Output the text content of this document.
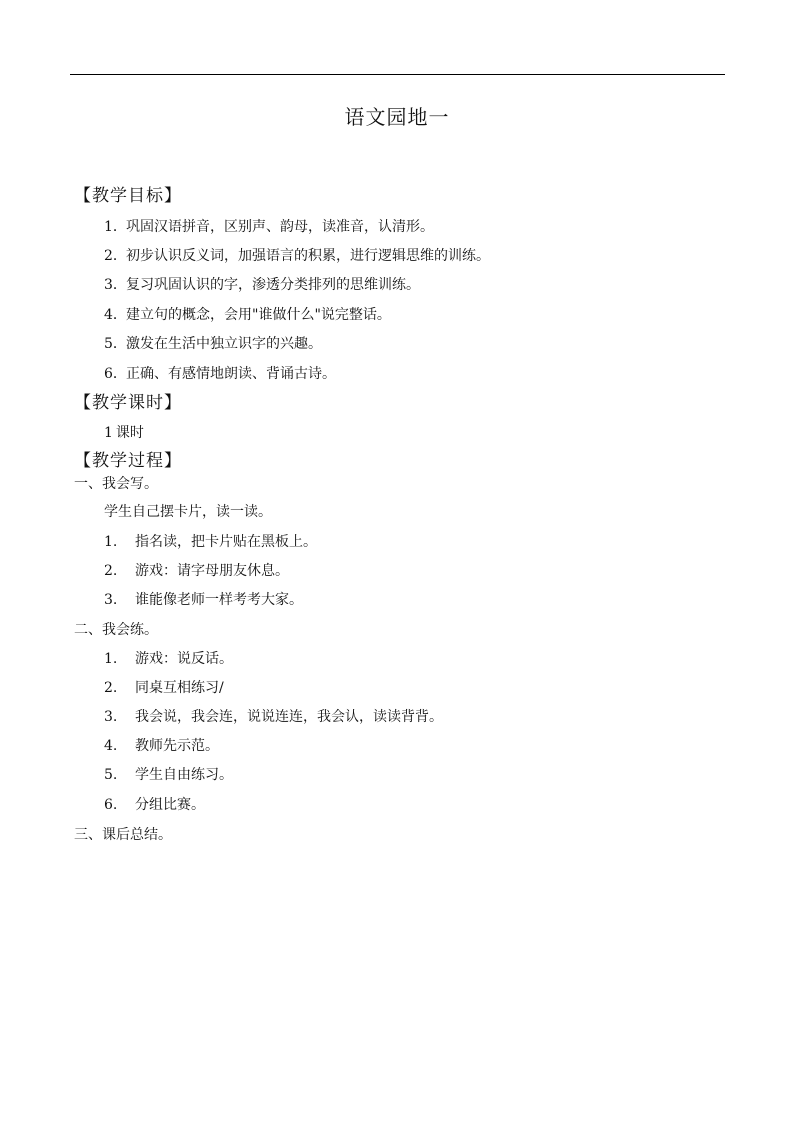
语文园地一
【教学目标】
1．巩固汉语拼音，区别声、韵母，读准音，认清形。
2．初步认识反义词，加强语言的积累，进行逻辑思维的训练。
3．复习巩固认识的字，渗透分类排列的思维训练。
4．建立句的概念，会用"谁做什么"说完整话。
5．激发在生活中独立识字的兴趣。
6．正确、有感情地朗读、背诵古诗。
【教学课时】
1 课时
【教学过程】
一、我会写。
学生自己摆卡片，读一读。
1. 指名读，把卡片贴在黑板上。
2. 游戏：请字母朋友休息。
3. 谁能像老师一样考考大家。
二、我会练。
1. 游戏：说反话。
2. 同桌互相练习/
3. 我会说，我会连，说说连连，我会认，读读背背。
4. 教师先示范。
5. 学生自由练习。
6. 分组比赛。
三、课后总结。
